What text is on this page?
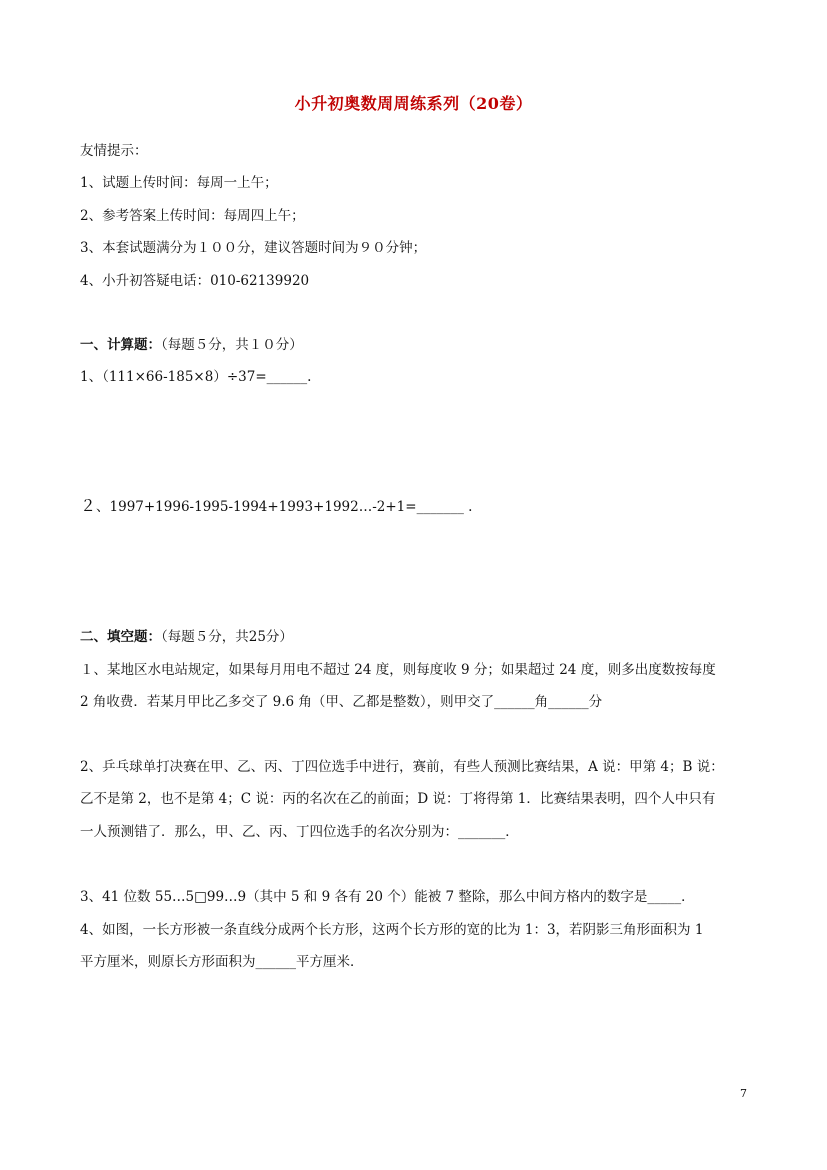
小升初奥数周周练系列（20卷）
友情提示：
1、试题上传时间：每周一上午；
2、参考答案上传时间：每周四上午；
3、本套试题满分为１００分，建议答题时间为９０分钟；
4、小升初答疑电话：010-62139920
一、计算题：（每题５分，共１０分）
1、（111×66-185×8）÷37=______.
２、1997+1996-1995-1994+1993+1992…-2+1=_______ .
二、填空题：（每题５分，共25分）
１、某地区水电站规定，如果每月用电不超过 24 度，则每度收 9 分；如果超过 24 度，则多出度数按每度
2 角收费．若某月甲比乙多交了 9.6 角（甲、乙都是整数），则甲交了______角______分
2、乒乓球单打决赛在甲、乙、丙、丁四位选手中进行，赛前，有些人预测比赛结果，A 说：甲第 4；B 说：
乙不是第 2，也不是第 4；C 说：丙的名次在乙的前面；D 说：丁将得第 1．比赛结果表明，四个人中只有
一人预测错了．那么，甲、乙、丙、丁四位选手的名次分别为：_______．
3、41 位数 55…5□99…9（其中 5 和 9 各有 20 个）能被 7 整除，那么中间方格内的数字是_____．
4、如图，一长方形被一条直线分成两个长方形，这两个长方形的宽的比为 1：3，若阴影三角形面积为 1
平方厘米，则原长方形面积为______平方厘米．
7
